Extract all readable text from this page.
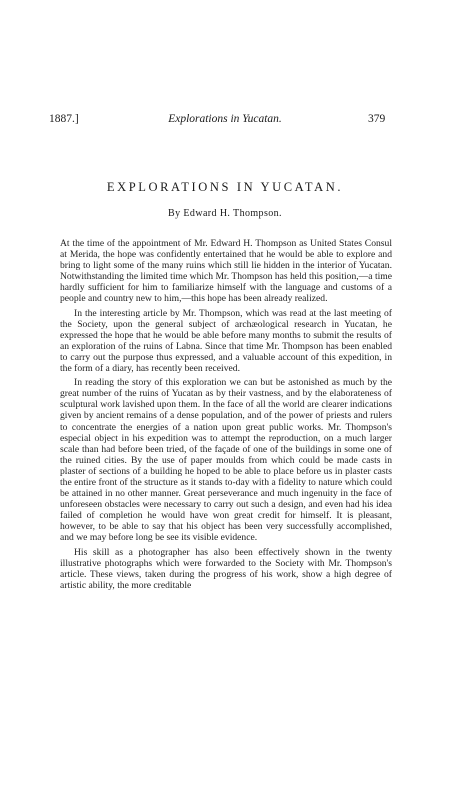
1887.]	Explorations in Yucatan.	379
EXPLORATIONS IN YUCATAN.
By Edward H. Thompson.

At the time of the appointment of Mr. Edward H. Thompson as United States Consul at Merida, the hope was confidently entertained that he would be able to explore and bring to light some of the many ruins which still lie hidden in the interior of Yucatan. Notwithstanding the limited time which Mr. Thompson has held this position,—a time hardly sufficient for him to familiarize himself with the language and customs of a people and country new to him,—this hope has been already realized.

In the interesting article by Mr. Thompson, which was read at the last meeting of the Society, upon the general subject of archæological research in Yucatan, he expressed the hope that he would be able before many months to submit the results of an exploration of the ruins of Labna. Since that time Mr. Thompson has been enabled to carry out the purpose thus expressed, and a valuable account of this expedition, in the form of a diary, has recently been received.

In reading the story of this exploration we can but be astonished as much by the great number of the ruins of Yucatan as by their vastness, and by the elaborateness of sculptural work lavished upon them. In the face of all the world are clearer indications given by ancient remains of a dense population, and of the power of priests and rulers to concentrate the energies of a nation upon great public works. Mr. Thompson's especial object in his expedition was to attempt the reproduction, on a much larger scale than had before been tried, of the façade of one of the buildings in some one of the ruined cities. By the use of paper moulds from which could be made casts in plaster of sections of a building he hoped to be able to place before us in plaster casts the entire front of the structure as it stands to-day with a fidelity to nature which could be attained in no other manner. Great perseverance and much ingenuity in the face of unforeseen obstacles were necessary to carry out such a design, and even had his idea failed of completion he would have won great credit for himself. It is pleasant, however, to be able to say that his object has been very successfully accomplished, and we may before long be see its visible evidence.

His skill as a photographer has also been effectively shown in the twenty illustrative photographs which were forwarded to the Society with Mr. Thompson's article. These views, taken during the progress of his work, show a high degree of artistic ability, the more creditable
